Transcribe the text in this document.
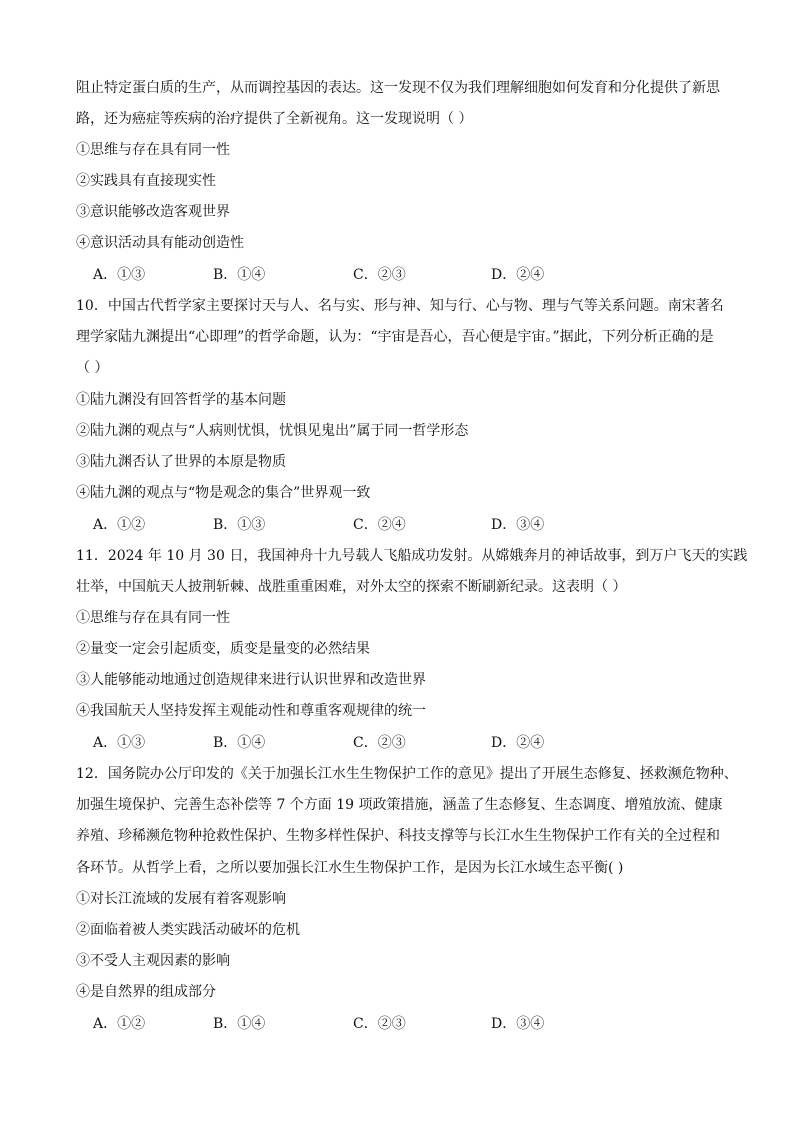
阻止特定蛋白质的生产，从而调控基因的表达。这一发现不仅为我们理解细胞如何发育和分化提供了新思
路，还为癌症等疾病的治疗提供了全新视角。这一发现说明（ ）
①思维与存在具有同一性
②实践具有直接现实性
③意识能够改造客观世界
④意识活动具有能动创造性
A．①③	B．①④	C．②③	D．②④
10．中国古代哲学家主要探讨天与人、名与实、形与神、知与行、心与物、理与气等关系问题。南宋著名
理学家陆九渊提出“心即理”的哲学命题，认为：“宇宙是吾心，吾心便是宇宙。”据此，下列分析正确的是
（ ）
①陆九渊没有回答哲学的基本问题
②陆九渊的观点与“人病则忧惧，忧惧见鬼出”属于同一哲学形态
③陆九渊否认了世界的本原是物质
④陆九渊的观点与“物是观念的集合”世界观一致
A．①②	B．①③	C．②④	D．③④
11．2024 年 10 月 30 日，我国神舟十九号载人飞船成功发射。从嫦娥奔月的神话故事，到万户飞天的实践
壮举，中国航天人披荆斩棘、战胜重重困难，对外太空的探索不断刷新纪录。这表明（ ）
①思维与存在具有同一性
②量变一定会引起质变，质变是量变的必然结果
③人能够能动地通过创造规律来进行认识世界和改造世界
④我国航天人坚持发挥主观能动性和尊重客观规律的统一
A．①③	B．①④	C．②③	D．②④
12．国务院办公厅印发的《关于加强长江水生生物保护工作的意见》提出了开展生态修复、拯救濒危物种、
加强生境保护、完善生态补偿等 7 个方面 19 项政策措施，涵盖了生态修复、生态调度、增殖放流、健康
养殖、珍稀濒危物种抢救性保护、生物多样性保护、科技支撑等与长江水生生物保护工作有关的全过程和
各环节。从哲学上看，之所以要加强长江水生生物保护工作，是因为长江水域生态平衡( )
①对长江流域的发展有着客观影响
②面临着被人类实践活动破坏的危机
③不受人主观因素的影响
④是自然界的组成部分
A．①②	B．①④	C．②③	D．③④
